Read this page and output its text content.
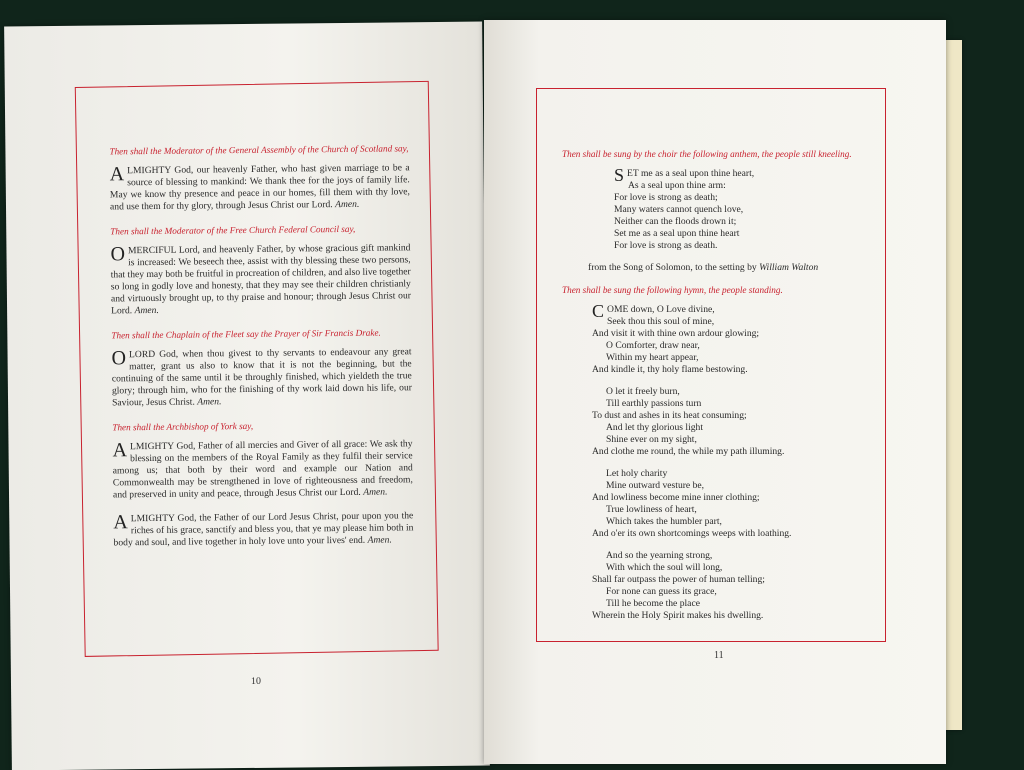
Then shall the Moderator of the General Assembly of the Church of Scotland say,

ALMIGHTY God, our heavenly Father, who hast given marriage to be a source of blessing to mankind: We thank thee for the joys of family life. May we know thy presence and peace in our homes, fill them with thy love, and use them for thy glory, through Jesus Christ our Lord. Amen.

Then shall the Moderator of the Free Church Federal Council say,

O MERCIFUL Lord, and heavenly Father, by whose gracious gift mankind is increased: We beseech thee, assist with thy blessing these two persons, that they may both be fruitful in procreation of children, and also live together so long in godly love and honesty, that they may see their children christianly and virtuously brought up, to thy praise and honour; through Jesus Christ our Lord. Amen.

Then shall the Chaplain of the Fleet say the Prayer of Sir Francis Drake.

O LORD God, when thou givest to thy servants to endeavour any great matter, grant us also to know that it is not the beginning, but the continuing of the same until it be throughly finished, which yieldeth the true glory; through him, who for the finishing of thy work laid down his life, our Saviour, Jesus Christ. Amen.

Then shall the Archbishop of York say,

ALMIGHTY God, Father of all mercies and Giver of all grace: We ask thy blessing on the members of the Royal Family as they fulfil their service among us; that both by their word and example our Nation and Commonwealth may be strengthened in love of righteousness and freedom, and preserved in unity and peace, through Jesus Christ our Lord. Amen.

ALMIGHTY God, the Father of our Lord Jesus Christ, pour upon you the riches of his grace, sanctify and bless you, that ye may please him both in body and soul, and live together in holy love unto your lives' end. Amen.

10

Then shall be sung by the choir the following anthem, the people still kneeling.

SET me as a seal upon thine heart,
As a seal upon thine arm:
For love is strong as death;
Many waters cannot quench love,
Neither can the floods drown it;
Set me as a seal upon thine heart
For love is strong as death.

from the Song of Solomon, to the setting by William Walton

Then shall be sung the following hymn, the people standing.

COME down, O Love divine,
Seek thou this soul of mine,
And visit it with thine own ardour glowing;
O Comforter, draw near,
Within my heart appear,
And kindle it, thy holy flame bestowing.
O let it freely burn,
Till earthly passions turn
To dust and ashes in its heat consuming;
And let thy glorious light
Shine ever on my sight,
And clothe me round, the while my path illuming.
Let holy charity
Mine outward vesture be,
And lowliness become mine inner clothing;
True lowliness of heart,
Which takes the humbler part,
And o'er its own shortcomings weeps with loathing.
And so the yearning strong,
With which the soul will long,
Shall far outpass the power of human telling;
For none can guess its grace,
Till he become the place
Wherein the Holy Spirit makes his dwelling.
11
